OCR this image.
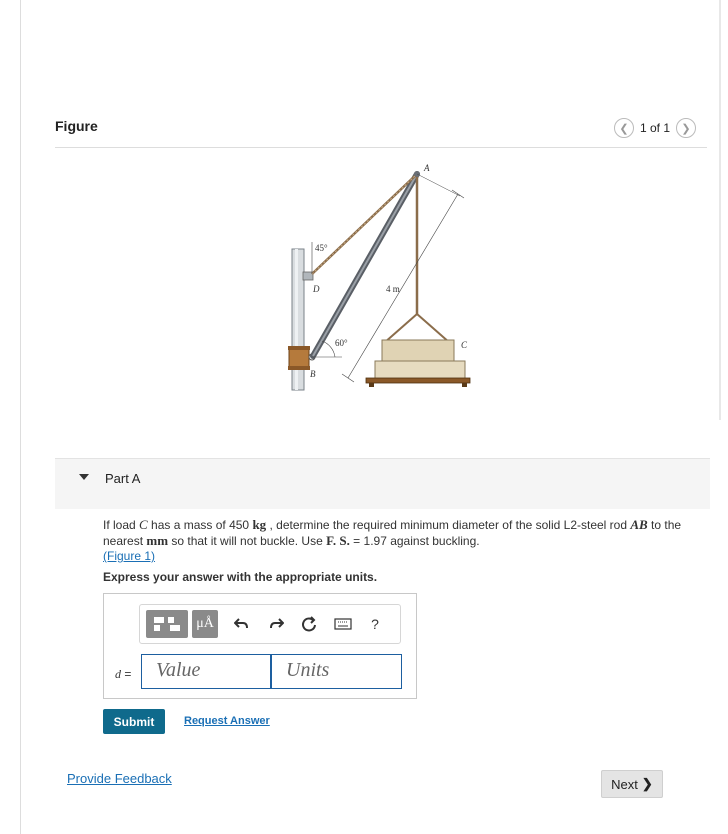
Figure	❮ 1 of 1 ❯
A
B
C
D
45°
60°
4 m
Part A
If load C has a mass of 450 kg , determine the required minimum diameter of the solid L2-steel rod AB to the nearest mm so that it will not buckle. Use F. S. = 1.97 against buckling.
(Figure 1)
Express your answer with the appropriate units.
μÅ	?
d =	Value	Units
Submit	Request Answer
Provide Feedback	Next ❯
